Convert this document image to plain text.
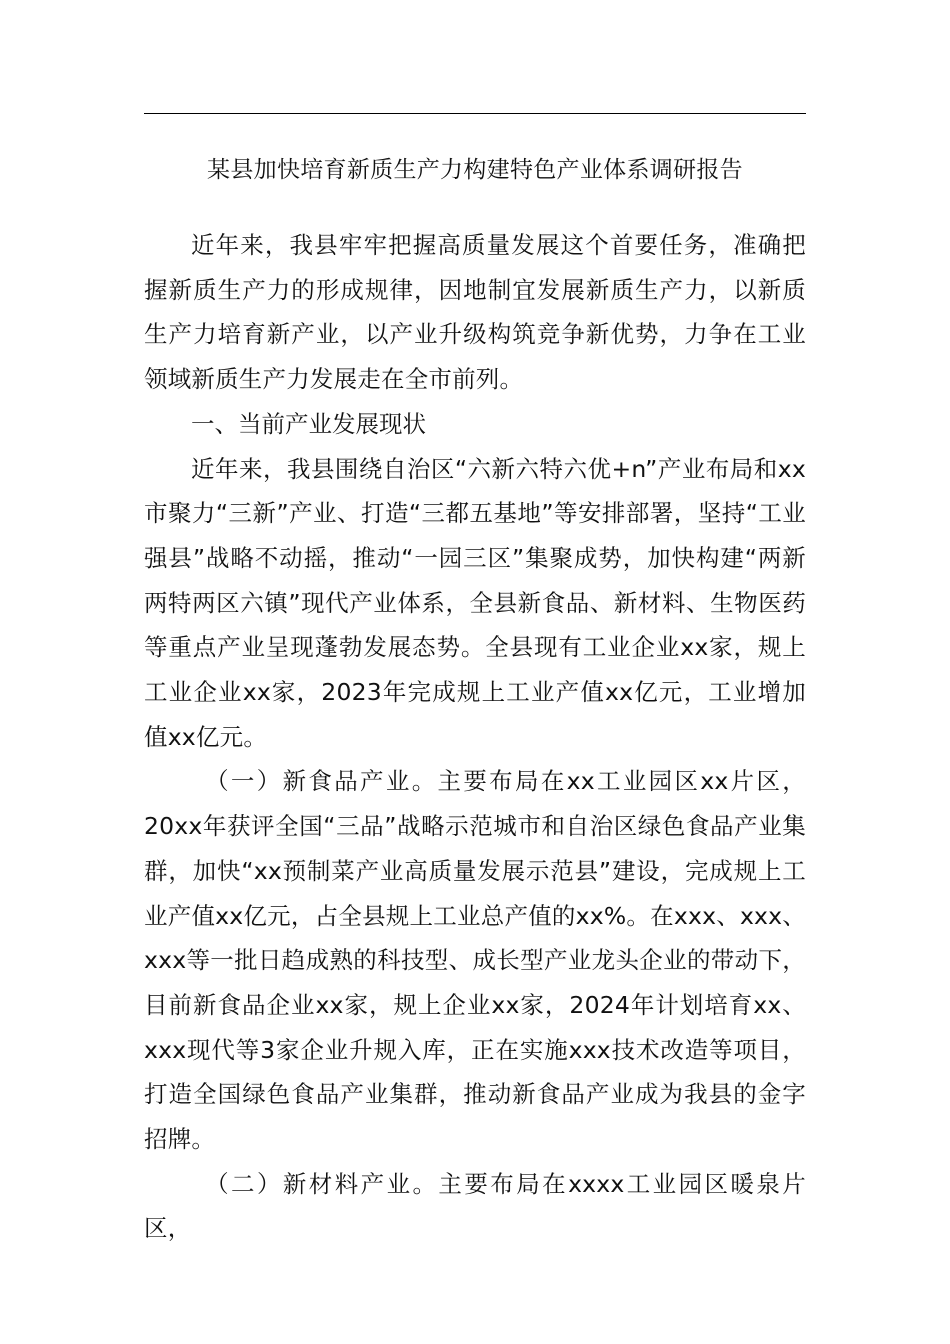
某县加快培育新质生产力构建特色产业体系调研报告

近年来，我县牢牢把握高质量发展这个首要任务，准确把握新质生产力的形成规律，因地制宜发展新质生产力，以新质生产力培育新产业，以产业升级构筑竞争新优势，力争在工业领域新质生产力发展走在全市前列。

一、当前产业发展现状

近年来，我县围绕自治区“六新六特六优+n”产业布局和xx市聚力“三新”产业、打造“三都五基地”等安排部署，坚持“工业强县”战略不动摇，推动“一园三区”集聚成势，加快构建“两新两特两区六镇”现代产业体系，全县新食品、新材料、生物医药等重点产业呈现蓬勃发展态势。全县现有工业企业xx家，规上工业企业xx家，2023年完成规上工业产值xx亿元，工业增加值xx亿元。

（一）新食品产业。主要布局在xx工业园区xx片区，20xx年获评全国“三品”战略示范城市和自治区绿色食品产业集群，加快“xx预制菜产业高质量发展示范县”建设，完成规上工业产值xx亿元，占全县规上工业总产值的xx%。在xxx、xxx、xxx等一批日趋成熟的科技型、成长型产业龙头企业的带动下，目前新食品企业xx家，规上企业xx家，2024年计划培育xx、xxx现代等3家企业升规入库，正在实施xxx技术改造等项目，打造全国绿色食品产业集群，推动新食品产业成为我县的金字招牌。

（二）新材料产业。主要布局在xxxx工业园区暖泉片区，
